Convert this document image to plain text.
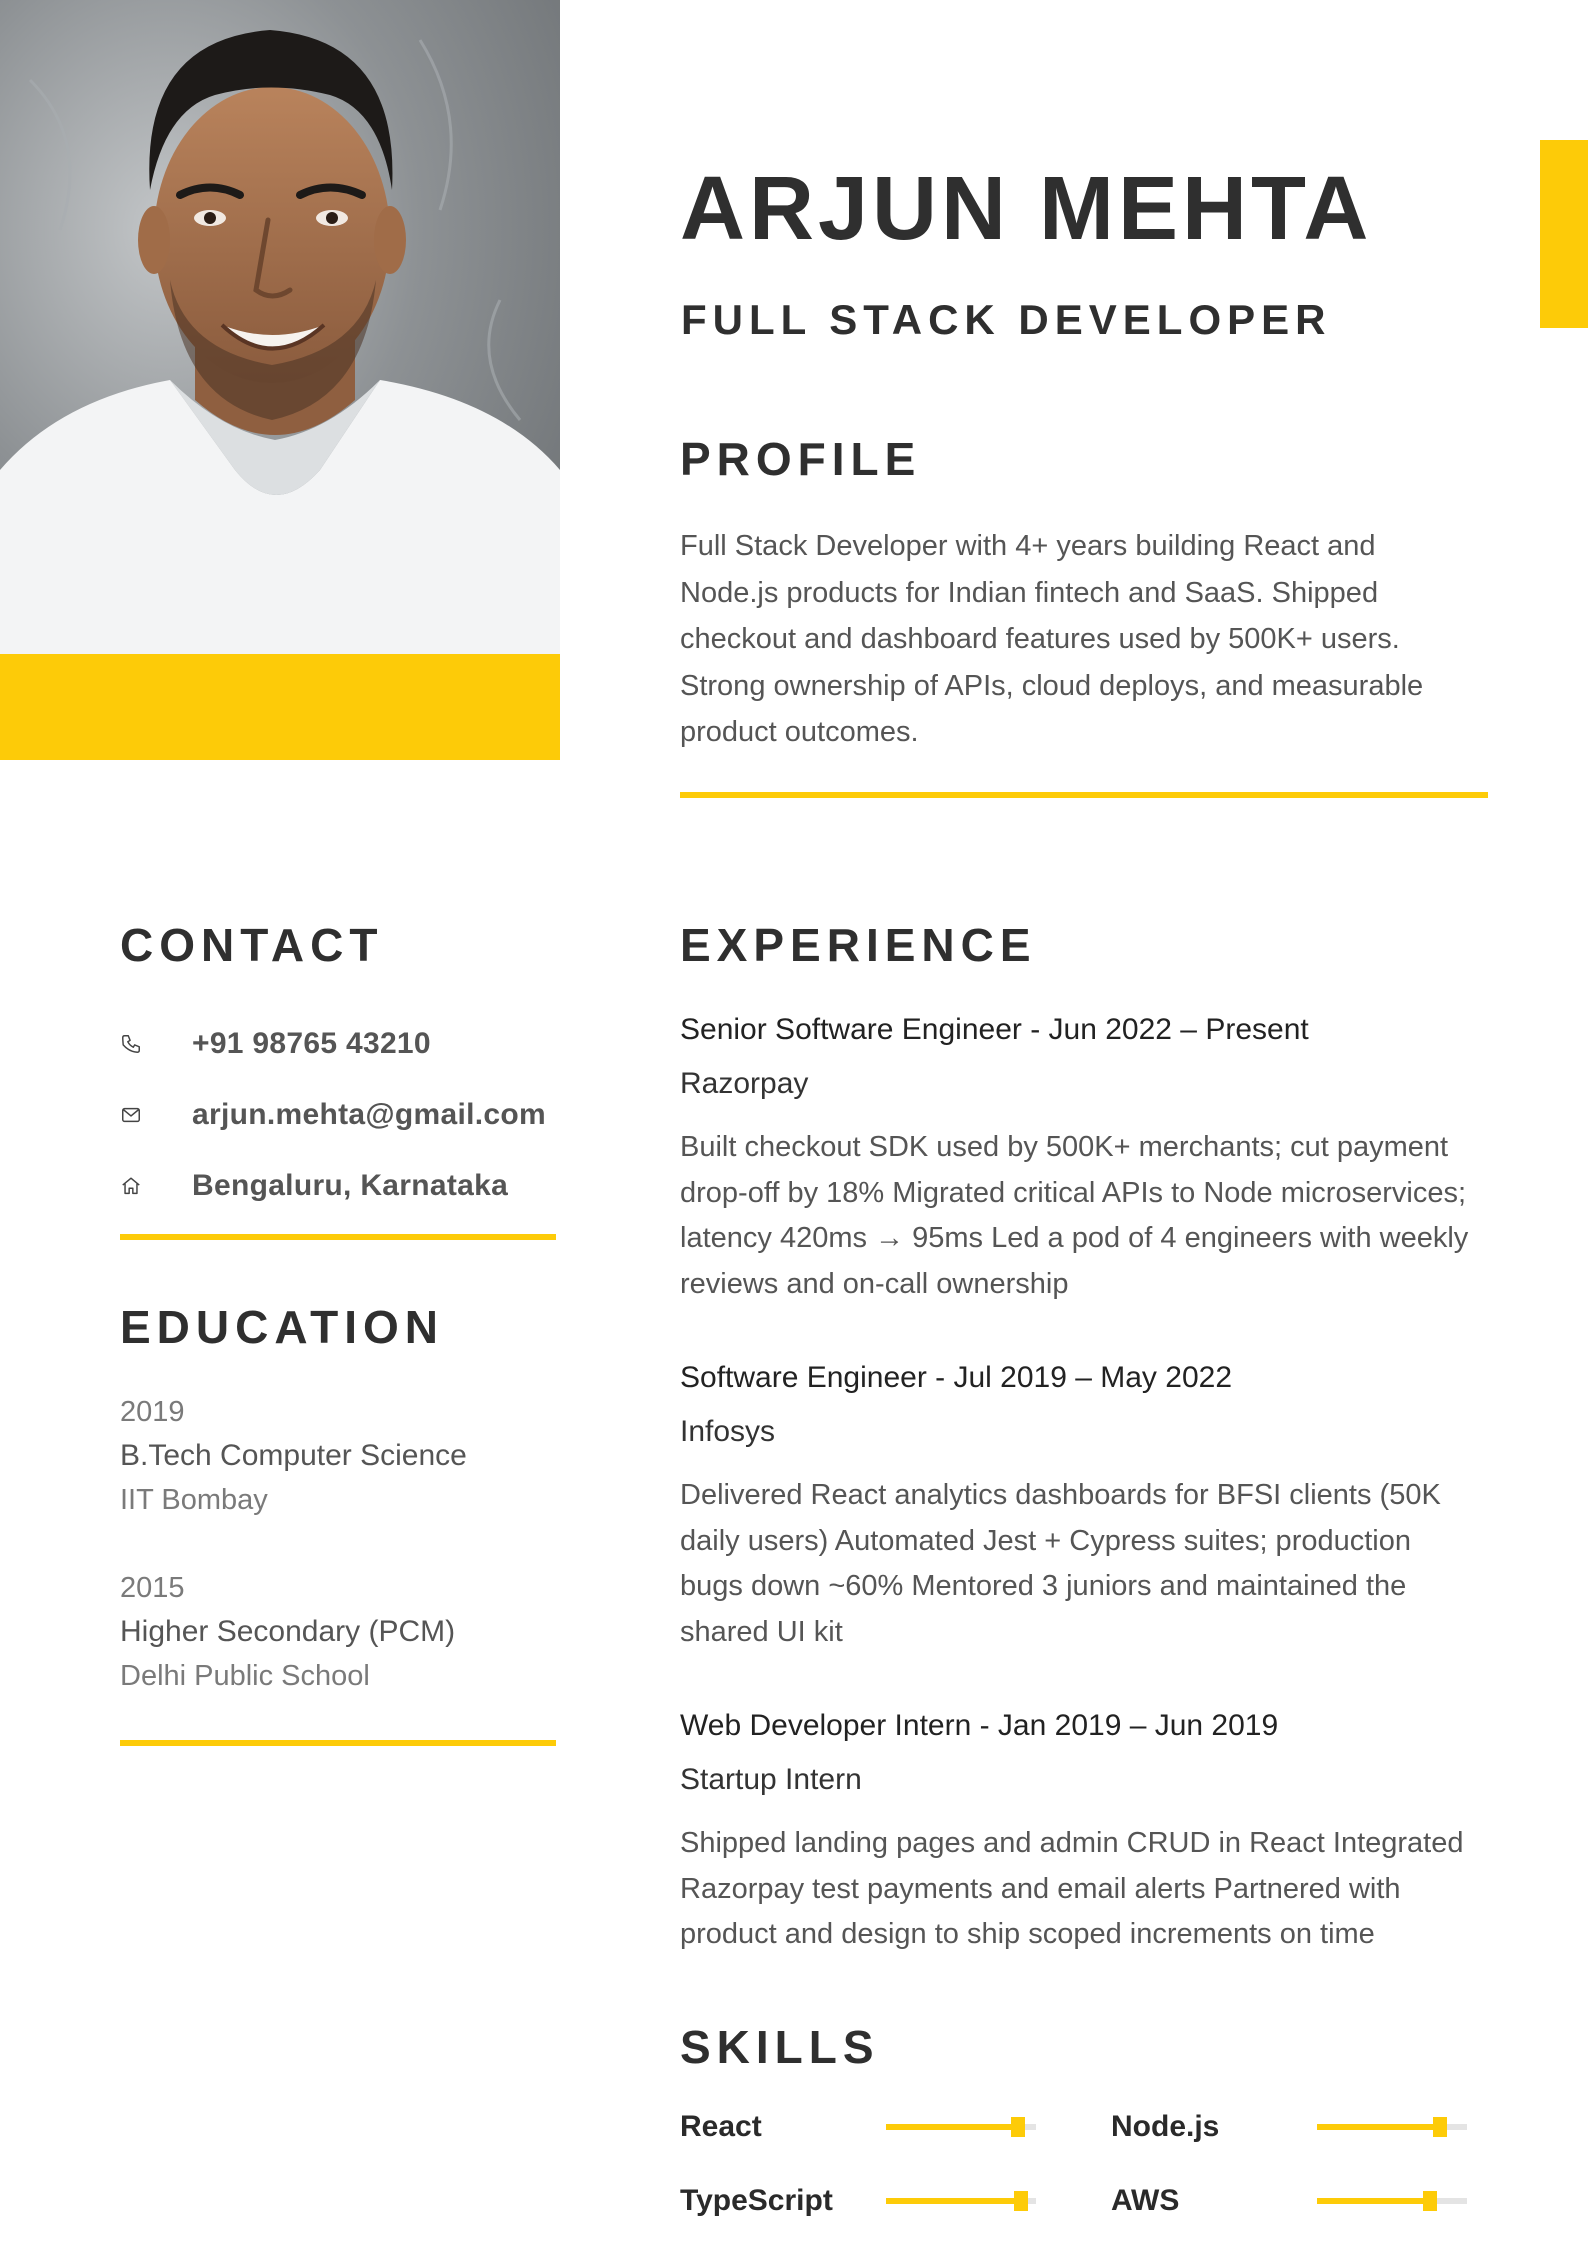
ARJUN MEHTA
FULL STACK DEVELOPER
PROFILE

Full Stack Developer with 4+ years building React and Node.js products for Indian fintech and SaaS. Shipped checkout and dashboard features used by 500K+ users. Strong ownership of APIs, cloud deploys, and measurable product outcomes.

CONTACT
+91 98765 43210
arjun.mehta@gmail.com
Bengaluru, Karnataka
EDUCATION
2019
B.Tech Computer Science
IIT Bombay
2015
Higher Secondary (PCM)
Delhi Public School
EXPERIENCE

Senior Software Engineer - Jun 2022 – Present

Razorpay

Built checkout SDK used by 500K+ merchants; cut payment drop-off by 18% Migrated critical APIs to Node microservices; latency 420ms → 95ms Led a pod of 4 engineers with weekly reviews and on-call ownership

Software Engineer - Jul 2019 – May 2022

Infosys

Delivered React analytics dashboards for BFSI clients (50K daily users) Automated Jest + Cypress suites; production bugs down ~60% Mentored 3 juniors and maintained the shared UI kit

Web Developer Intern - Jan 2019 – Jun 2019

Startup Intern

Shipped landing pages and admin CRUD in React Integrated Razorpay test payments and email alerts Partnered with product and design to ship scoped increments on time

SKILLS
React	Node.js
TypeScript	AWS
